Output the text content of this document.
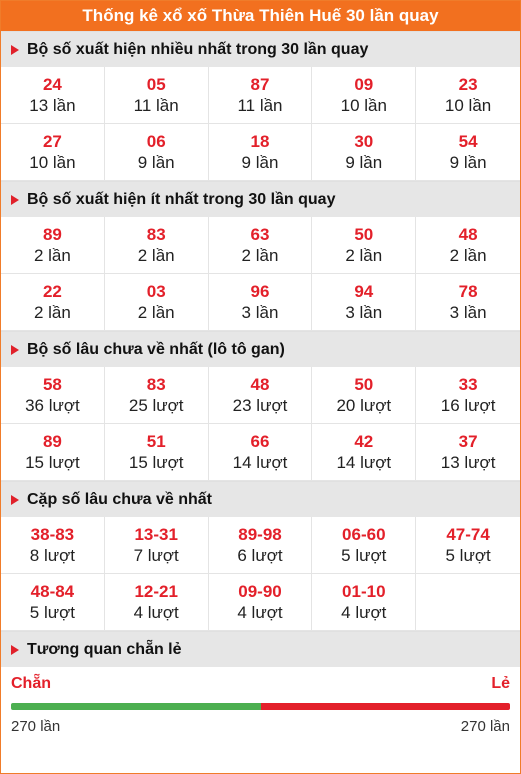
Thống kê xổ xố Thừa Thiên Huế 30 lần quay
Bộ số xuất hiện nhiều nhất trong 30 lần quay
24
13 lần
05
11 lần
87
11 lần
09
10 lần
23
10 lần
27
10 lần
06
9 lần
18
9 lần
30
9 lần
54
9 lần
Bộ số xuất hiện ít nhất trong 30 lần quay
89
2 lần
83
2 lần
63
2 lần
50
2 lần
48
2 lần
22
2 lần
03
2 lần
96
3 lần
94
3 lần
78
3 lần
Bộ số lâu chưa về nhất (lô tô gan)
58
36 lượt
83
25 lượt
48
23 lượt
50
20 lượt
33
16 lượt
89
15 lượt
51
15 lượt
66
14 lượt
42
14 lượt
37
13 lượt
Cặp số lâu chưa về nhất
38-83
8 lượt
13-31
7 lượt
89-98
6 lượt
06-60
5 lượt
47-74
5 lượt
48-84
5 lượt
12-21
4 lượt
09-90
4 lượt
01-10
4 lượt
Tương quan chẵn lẻ
Chẵn	Lẻ
270 lần	270 lần
